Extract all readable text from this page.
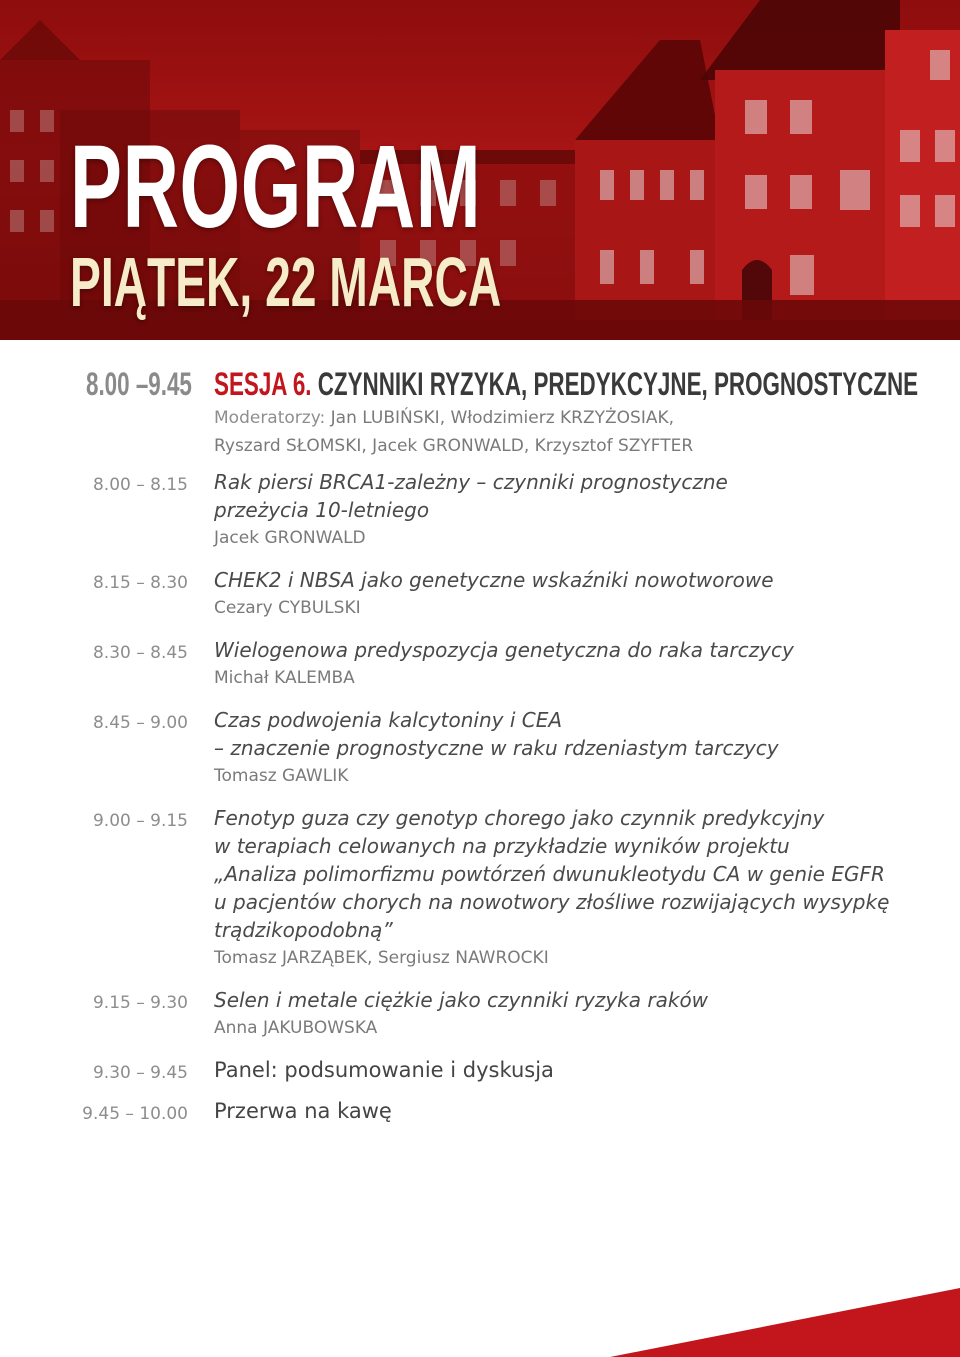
PROGRAM
PIĄTEK, 22 MARCA
8.00 –9.45 SESJA 6. CZYNNIKI RYZYKA, PREDYKCYJNE, PROGNOSTYCZNE
Moderatorzy: Jan LUBIŃSKI, Włodzimierz KRZYŻOSIAK,
Ryszard SŁOMSKI, Jacek GRONWALD, Krzysztof SZYFTER
8.00 – 8.15 Rak piersi BRCA1-zależny – czynniki prognostyczne
przeżycia 10-letniego
Jacek GRONWALD
8.15 – 8.30 CHEK2 i NBSA jako genetyczne wskaźniki nowotworowe
Cezary CYBULSKI
8.30 – 8.45 Wielogenowa predyspozycja genetyczna do raka tarczycy
Michał KALEMBA
8.45 – 9.00 Czas podwojenia kalcytoniny i CEA
– znaczenie prognostyczne w raku rdzeniastym tarczycy
Tomasz GAWLIK
9.00 – 9.15 Fenotyp guza czy genotyp chorego jako czynnik predykcyjny
w terapiach celowanych na przykładzie wyników projektu
„Analiza polimorfizmu powtórzeń dwunukleotydu CA w genie EGFR
u pacjentów chorych na nowotwory złośliwe rozwijających wysypkę
trądzikopodobną”
Tomasz JARZĄBEK, Sergiusz NAWROCKI
9.15 – 9.30 Selen i metale ciężkie jako czynniki ryzyka raków
Anna JAKUBOWSKA
9.30 – 9.45 Panel: podsumowanie i dyskusja
9.45 – 10.00 Przerwa na kawę
